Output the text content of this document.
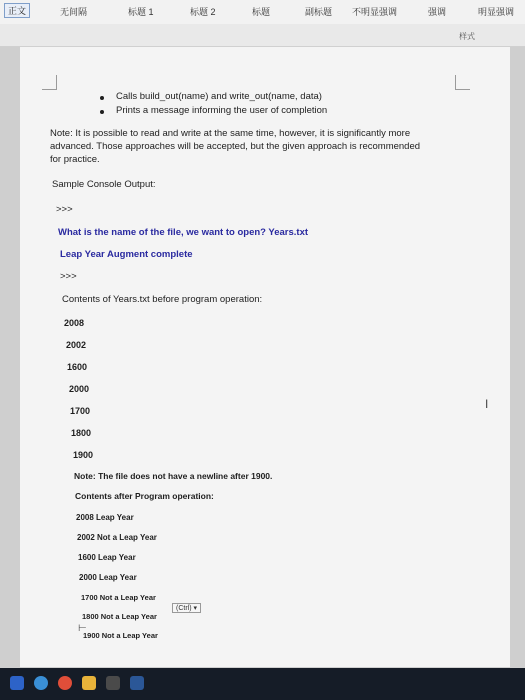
正文	无间隔	标题 1	标题 2	标题	副标题 不明显强调	强调	明显强调
样式
Calls build_out(name) and write_out(name, data)
Prints a message informing the user of completion
Note: It is possible to read and write at the same time, however, it is significantly more advanced. Those approaches will be accepted, but the given approach is recommended for practice.
Sample Console Output:
>>>
What is the name of the file, we want to open? Years.txt
Leap Year Augment complete
>>>
Contents of Years.txt before program operation:
2008
2002
1600
2000
1700
1800
1900
Note: The file does not have a newline after 1900.
Contents after Program operation:
2008 Leap Year
2002 Not a Leap Year
1600 Leap Year
2000 Leap Year
1700 Not a Leap Year
1800 Not a Leap Year
1900 Not a Leap Year
(Ctrl) ▾
I
⊢
